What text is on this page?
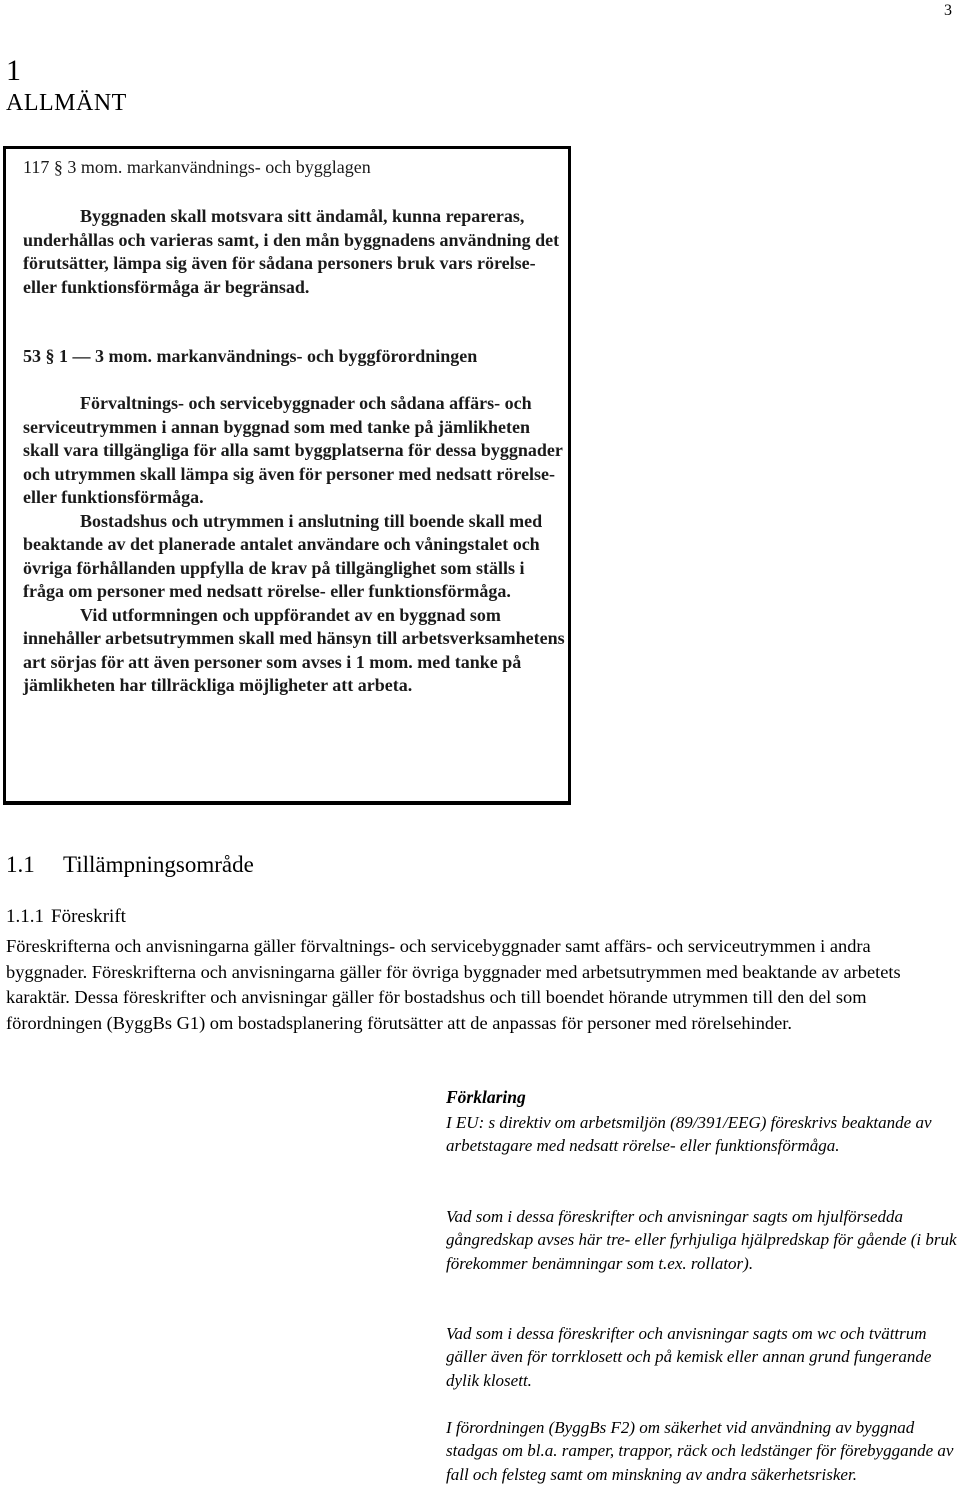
3
1
ALLMÄNT

117 § 3 mom. markanvändnings- och bygglagen

Byggnaden skall motsvara sitt ändamål, kunna repareras, underhållas och varieras samt, i den mån byggnadens användning det förutsätter, lämpa sig även för sådana personers bruk vars rörelse- eller funktionsförmåga är begränsad.

53 § 1 — 3 mom. markanvändnings- och byggförordningen

Förvaltnings- och servicebyggnader och sådana affärs- och serviceutrymmen i annan byggnad som med tanke på jämlikheten skall vara tillgängliga för alla samt byggplatserna för dessa byggnader och utrymmen skall lämpa sig även för personer med nedsatt rörelse- eller funktionsförmåga.

Bostadshus och utrymmen i anslutning till boende skall med beaktande av det planerade antalet användare och våningstalet och övriga förhållanden uppfylla de krav på tillgänglighet som ställs i fråga om personer med nedsatt rörelse- eller funktionsförmåga.

Vid utformningen och uppförandet av en byggnad som innehåller arbetsutrymmen skall med hänsyn till arbetsverksamhetens art sörjas för att även personer som avses i 1 mom. med tanke på jämlikheten har tillräckliga möjligheter att arbeta.

1.1 Tillämpningsområde
1.1.1 Föreskrift

Föreskrifterna och anvisningarna gäller förvaltnings- och servicebyggnader samt affärs- och serviceutrymmen i andra byggnader. Föreskrifterna och anvisningarna gäller för övriga byggnader med arbetsutrymmen med beaktande av arbetets karaktär. Dessa föreskrifter och anvisningar gäller för bostadshus och till boendet hörande utrymmen till den del som förordningen (ByggBs G1) om bostadsplanering förutsätter att de anpassas för personer med rörelsehinder.

Förklaring

I EU: s direktiv om arbetsmiljön (89/391/EEG) föreskrivs beaktande av arbetstagare med nedsatt rörelse- eller funktionsförmåga.

Vad som i dessa föreskrifter och anvisningar sagts om hjulförsedda gångredskap avses här tre- eller fyrhjuliga hjälpredskap för gående (i bruk förekommer benämningar som t.ex. rollator).

Vad som i dessa föreskrifter och anvisningar sagts om wc och tvättrum gäller även för torrklosett och på kemisk eller annan grund fungerande dylik klosett.

I förordningen (ByggBs F2) om säkerhet vid användning av byggnad stadgas om bl.a. ramper, trappor, räck och ledstänger för förebyggande av fall och felsteg samt om minskning av andra säkerhetsrisker.
